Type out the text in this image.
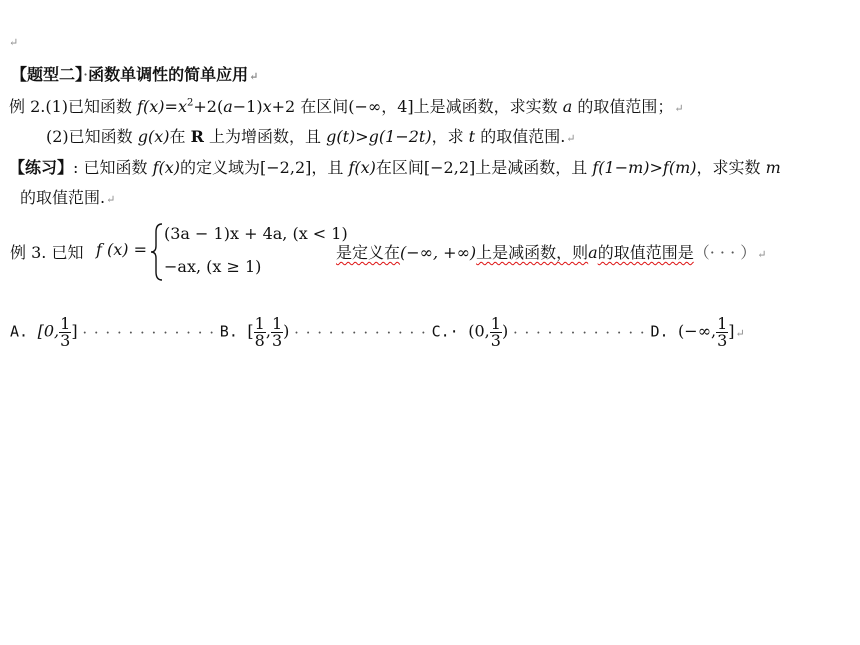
↵
【题型二】·函数单调性的简单应用↵
例 2.(1)已知函数 $f(x)=x^2+2(a-1)x+2$ 在区间(−∞，4]上是减函数，求实数 a 的取值范围；↵
(2)已知函数 g(x)在 R 上为增函数，且 g(t)>g(1−2t)，求 t 的取值范围.↵
【练习】: 已知函数 f(x)的定义域为[−2,2]，且 f(x)在区间[−2,2]上是减函数，且 f(1−m)>f(m)，求实数 m
的取值范围.↵
例 3. 已知 f (x) =
(3a − 1)x + 4a, (x < 1)
−ax, (x ≥ 1)
是定义在(−∞, +∞)上是减函数，则a的取值范围是（· · · ）↵
A. [0, $\frac{1}{3}$ ] · · · · · · · · · · · · B. [ $\frac{1}{8}$ , $\frac{1}{3}$ ) · · · · · · · · · · · · C.· (0, $\frac{1}{3}$ ) · · · · · · · · · · · · D. (−∞, $\frac{1}{3}$ ]↵
